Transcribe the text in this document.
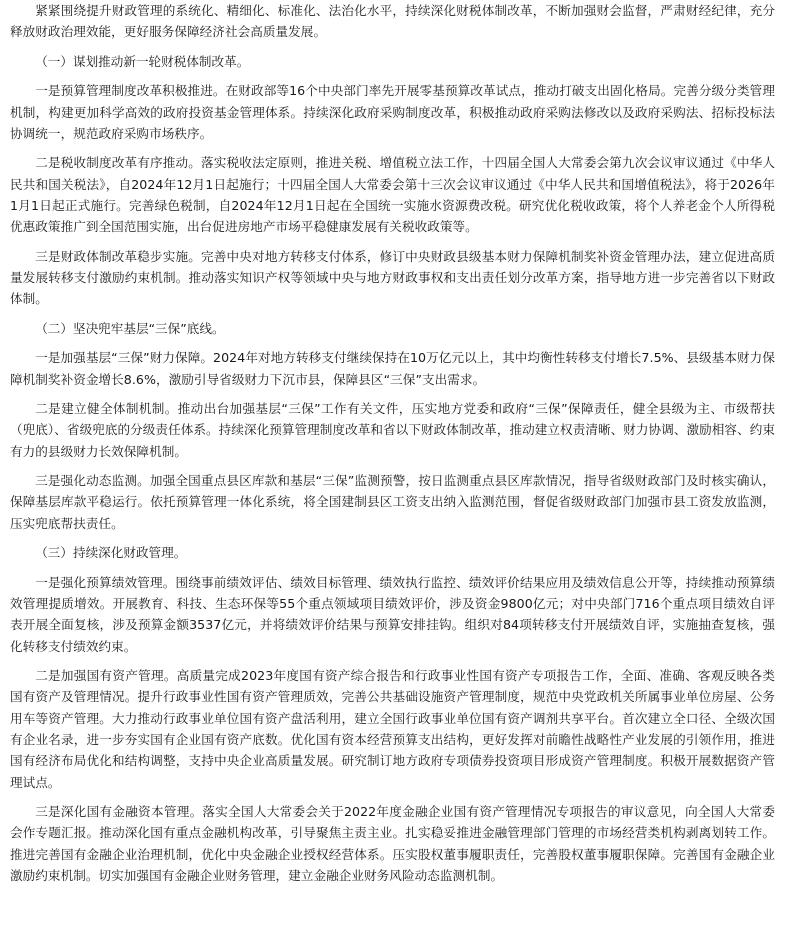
紧紧围绕提升财政管理的系统化、精细化、标准化、法治化水平，持续深化财税体制改革，不断加强财会监督，严肃财经纪律，充分释放财政治理效能，更好服务保障经济社会高质量发展。

（一）谋划推动新一轮财税体制改革。

一是预算管理制度改革积极推进。在财政部等16个中央部门率先开展零基预算改革试点，推动打破支出固化格局。完善分级分类管理机制，构建更加科学高效的政府投资基金管理体系。持续深化政府采购制度改革，积极推动政府采购法修改以及政府采购法、招标投标法协调统一，规范政府采购市场秩序。

二是税收制度改革有序推动。落实税收法定原则，推进关税、增值税立法工作，十四届全国人大常委会第九次会议审议通过《中华人民共和国关税法》，自2024年12月1日起施行；十四届全国人大常委会第十三次会议审议通过《中华人民共和国增值税法》，将于2026年1月1日起正式施行。完善绿色税制，自2024年12月1日起在全国统一实施水资源费改税。研究优化税收政策，将个人养老金个人所得税优惠政策推广到全国范围实施，出台促进房地产市场平稳健康发展有关税收政策等。

三是财政体制改革稳步实施。完善中央对地方转移支付体系，修订中央财政县级基本财力保障机制奖补资金管理办法，建立促进高质量发展转移支付激励约束机制。推动落实知识产权等领域中央与地方财政事权和支出责任划分改革方案，指导地方进一步完善省以下财政体制。

（二）坚决兜牢基层“三保”底线。

一是加强基层“三保”财力保障。2024年对地方转移支付继续保持在10万亿元以上，其中均衡性转移支付增长7.5%、县级基本财力保障机制奖补资金增长8.6%，激励引导省级财力下沉市县，保障县区“三保”支出需求。

二是建立健全体制机制。推动出台加强基层“三保”工作有关文件，压实地方党委和政府“三保”保障责任，健全县级为主、市级帮扶（兜底）、省级兜底的分级责任体系。持续深化预算管理制度改革和省以下财政体制改革，推动建立权责清晰、财力协调、激励相容、约束有力的县级财力长效保障机制。

三是强化动态监测。加强全国重点县区库款和基层“三保”监测预警，按日监测重点县区库款情况，指导省级财政部门及时核实确认，保障基层库款平稳运行。依托预算管理一体化系统，将全国建制县区工资支出纳入监测范围，督促省级财政部门加强市县工资发放监测，压实兜底帮扶责任。

（三）持续深化财政管理。

一是强化预算绩效管理。围绕事前绩效评估、绩效目标管理、绩效执行监控、绩效评价结果应用及绩效信息公开等，持续推动预算绩效管理提质增效。开展教育、科技、生态环保等55个重点领域项目绩效评价，涉及资金9800亿元；对中央部门716个重点项目绩效自评表开展全面复核，涉及预算金额3537亿元，并将绩效评价结果与预算安排挂钩。组织对84项转移支付开展绩效自评，实施抽查复核，强化转移支付绩效约束。

二是加强国有资产管理。高质量完成2023年度国有资产综合报告和行政事业性国有资产专项报告工作，全面、准确、客观反映各类国有资产及管理情况。提升行政事业性国有资产管理质效，完善公共基础设施资产管理制度，规范中央党政机关所属事业单位房屋、公务用车等资产管理。大力推动行政事业单位国有资产盘活利用，建立全国行政事业单位国有资产调剂共享平台。首次建立全口径、全级次国有企业名录，进一步夯实国有企业国有资产底数。优化国有资本经营预算支出结构，更好发挥对前瞻性战略性产业发展的引领作用，推进国有经济布局优化和结构调整，支持中央企业高质量发展。研究制订地方政府专项债券投资项目形成资产管理制度。积极开展数据资产管理试点。

三是深化国有金融资本管理。落实全国人大常委会关于2022年度金融企业国有资产管理情况专项报告的审议意见，向全国人大常委会作专题汇报。推动深化国有重点金融机构改革，引导聚焦主责主业。扎实稳妥推进金融管理部门管理的市场经营类机构剥离划转工作。推进完善国有金融企业治理机制，优化中央金融企业授权经营体系。压实股权董事履职责任，完善股权董事履职保障。完善国有金融企业激励约束机制。切实加强国有金融企业财务管理，建立金融企业财务风险动态监测机制。
